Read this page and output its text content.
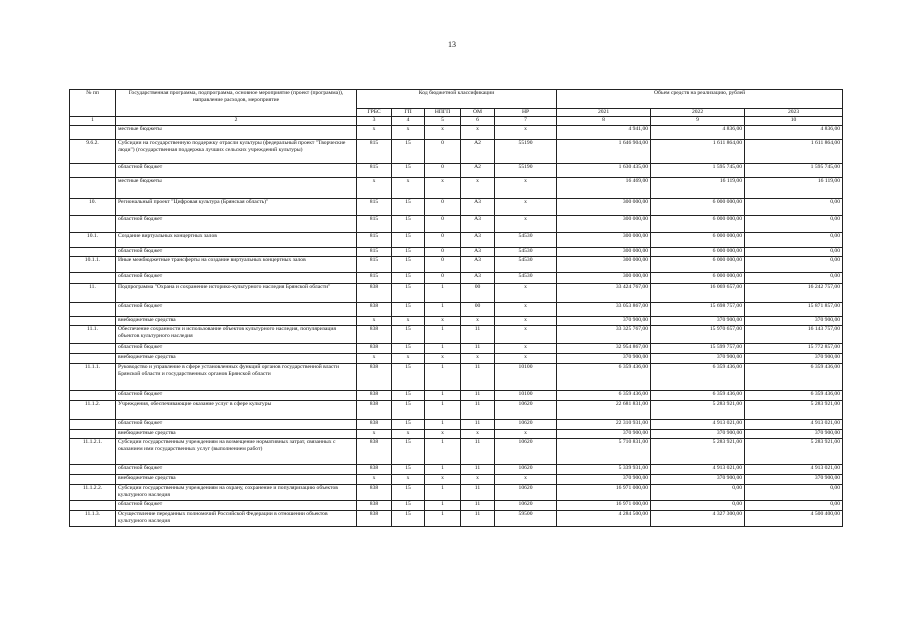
13
№ пп	Государственная программа, подпрограмма, основное мероприятие (проект (программа)), направление расходов, мероприятие	Код бюджетной классификации					Объем средств на реализацию, рублей		
		ГРБС	ГП	НПГП	ОМ	НР	2021	2022	2023
1	2	3	4	5	6	7	8	9	10
	местные бюджеты	х	х	х	х	х	4 941,00	4 836,00	4 836,00
9.6.2.	Субсидии на государственную поддержку отрасли культуры (федеральный проект "Творческие люди") (государственная поддержка лучших сельских учреждений культуры)	815	15	0	А2	55190	1 646 904,00	1 611 864,00	1 611 864,00
	областной бюджет	815	15	0	А2	55190	1 630 435,00	1 595 745,00	1 595 745,00
	местные бюджеты	х	х	х	х	х	16 469,00	16 119,00	16 119,00
10.	Региональный проект "Цифровая культура (Брянская область)"	815	15	0	А3	х	300 000,00	6 000 000,00	0,00
	областной бюджет	815	15	0	А3	х	300 000,00	6 000 000,00	0,00
10.1.	Создание виртуальных концертных залов	815	15	0	А3	54530	300 000,00	6 000 000,00	0,00
	областной бюджет	815	15	0	А3	54530	300 000,00	6 000 000,00	0,00
10.1.1.	Иные межбюджетные трансферты на создание виртуальных концертных залов	815	15	0	А3	54530	300 000,00	6 000 000,00	0,00
	областной бюджет	815	15	0	А3	54530	300 000,00	6 000 000,00	0,00
11.	Подпрограмма "Охрана и сохранение историко-культурного наследия Брянской области"	838	15	1	00	х	33 424 767,00	16 069 657,00	16 242 757,00
	областной бюджет	838	15	1	00	х	33 053 867,00	15 698 757,00	15 871 857,00
	внебюджетные средства	х	х	х	х	х	370 900,00	370 900,00	370 900,00
11.1.	Обеспечение сохранности и использование объектов культурного наследия, популяризация объектов культурного наследия	838	15	1	11	х	33 325 767,00	15 970 657,00	16 143 757,00
	областной бюджет	838	15	1	11	х	32 954 867,00	15 599 757,00	15 772 857,00
	внебюджетные средства	х	х	х	х	х	370 900,00	370 900,00	370 900,00
11.1.1.	Руководство и управление в сфере установленных функций органов государственной власти Брянской области и государственных органов Брянской области	838	15	1	11	10100	6 359 436,00	6 359 436,00	6 359 436,00
	областной бюджет	838	15	1	11	10100	6 359 436,00	6 359 436,00	6 359 436,00
11.1.2.	Учреждения, обеспечивающие оказание услуг в сфере культуры	838	15	1	11	10620	22 681 831,00	5 283 921,00	5 283 921,00
	областной бюджет	838	15	1	11	10620	22 310 931,00	4 913 021,00	4 913 021,00
	внебюджетные средства	х	х	х	х	х	370 900,00	370 900,00	370 900,00
11.1.2.1.	Субсидии государственным учреждениям на возмещение нормативных затрат, связанных с оказанием ими государственных услуг (выполнением работ)	838	15	1	11	10620	5 710 831,00	5 283 921,00	5 283 921,00
	областной бюджет	838	15	1	11	10620	5 339 931,00	4 913 021,00	4 913 021,00
	внебюджетные средства	х	х	х	х	х	370 900,00	370 900,00	370 900,00
11.1.2.2.	Субсидии государственным учреждениям на охрану, сохранение и популяризацию объектов культурного наследия	838	15	1	11	10620	16 971 000,00	0,00	0,00
	областной бюджет	838	15	1	11	10620	16 971 000,00	0,00	0,00
11.1.3.	Осуществление переданных полномочий Российской Федерации в отношении объектов культурного наследия	838	15	1	11	59500	4 284 500,00	4 327 300,00	4 500 400,00
